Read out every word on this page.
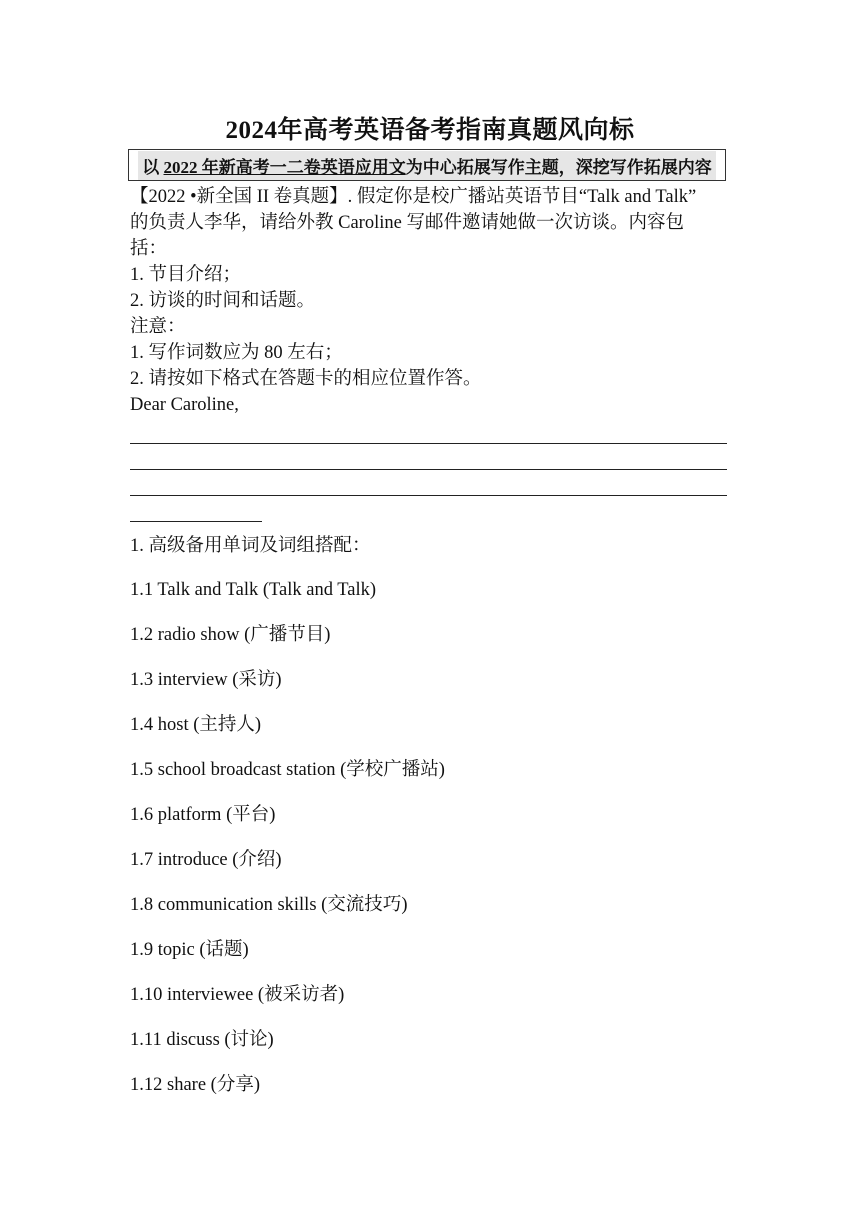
2024年高考英语备考指南真题风向标
以 2022 年新高考一二卷英语应用文为中心拓展写作主题，深挖写作拓展内容
【2022 •新全国 II 卷真题】. 假定你是校广播站英语节目“Talk and Talk”
的负责人李华，请给外教 Caroline 写邮件邀请她做一次访谈。内容包
括：
1. 节目介绍；
2. 访谈的时间和话题。
注意：
1. 写作词数应为 80 左右；
2. 请按如下格式在答题卡的相应位置作答。
Dear Caroline,
1. 高级备用单词及词组搭配：
1.1 Talk and Talk (Talk and Talk)
1.2 radio show (广播节目)
1.3 interview (采访)
1.4 host (主持人)
1.5 school broadcast station (学校广播站)
1.6 platform (平台)
1.7 introduce (介绍)
1.8 communication skills (交流技巧)
1.9 topic (话题)
1.10 interviewee (被采访者)
1.11 discuss (讨论)
1.12 share (分享)
